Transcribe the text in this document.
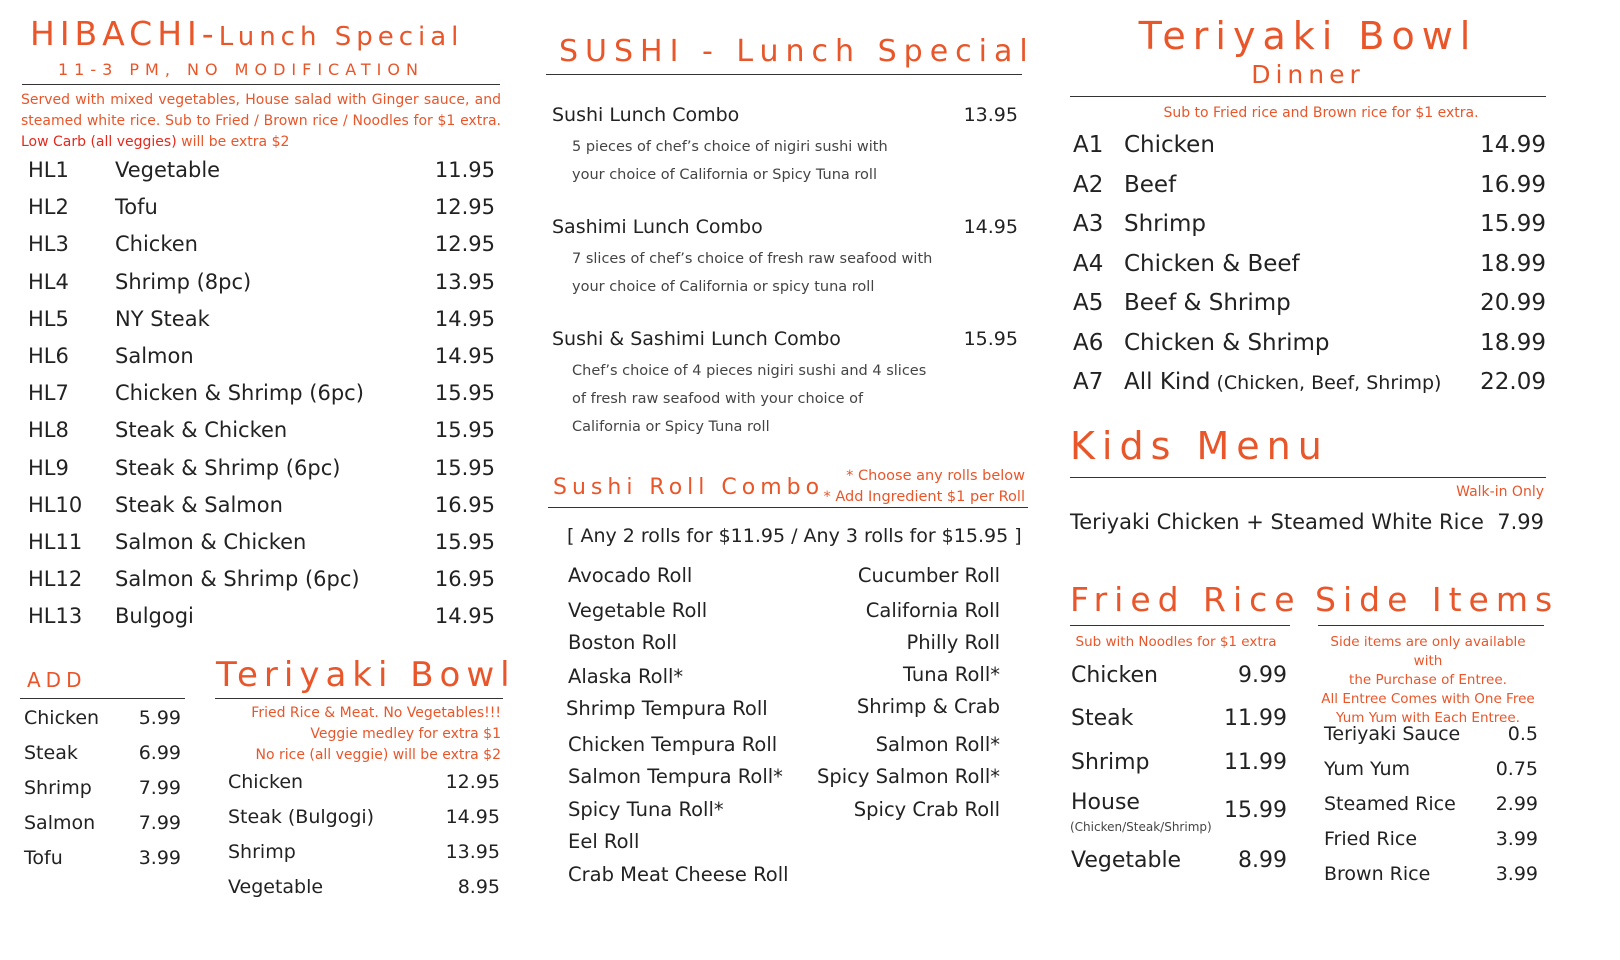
HIBACHI-Lunch Special
11-3 PM, NO MODIFICATION
Served with mixed vegetables, House salad with Ginger sauce, and steamed white rice. Sub to Fried / Brown rice / Noodles for $1 extra. Low Carb (all veggies) will be extra $2
HL1	Vegetable	11.95
HL2	Tofu	12.95
HL3	Chicken	12.95
HL4	Shrimp (8pc)	13.95
HL5	NY Steak	14.95
HL6	Salmon	14.95
HL7	Chicken & Shrimp (6pc)	15.95
HL8	Steak & Chicken	15.95
HL9	Steak & Shrimp (6pc)	15.95
HL10	Steak & Salmon	16.95
HL11	Salmon & Chicken	15.95
HL12	Salmon & Shrimp (6pc)	16.95
HL13	Bulgogi	14.95
ADD
Chicken 5.99
Steak	6.99
Shrimp 7.99
Salmon 7.99
Tofu	3.99
Teriyaki Bowl
Fried Rice & Meat. No Vegetables!!!
Veggie medley for extra $1
No rice (all veggie) will be extra $2
Chicken	12.95
Steak (Bulgogi)	14.95
Shrimp	13.95
Vegetable	8.95
SUSHI - Lunch Special
Sushi Lunch Combo	13.95
5 pieces of chef’s choice of nigiri sushi with
your choice of California or Spicy Tuna roll
Sashimi Lunch Combo	14.95
7 slices of chef’s choice of fresh raw seafood with
your choice of California or spicy tuna roll
Sushi & Sashimi Lunch Combo	15.95
Chef’s choice of 4 pieces nigiri sushi and 4 slices
of fresh raw seafood with your choice of
California or Spicy Tuna roll
Sushi Roll Combo	* Choose any rolls below
* Add Ingredient $1 per Roll
[ Any 2 rolls for $11.95 / Any 3 rolls for $15.95 ]
Avocado Roll
Vegetable Roll
Boston Roll
Alaska Roll*
Shrimp Tempura Roll
Chicken Tempura Roll
Salmon Tempura Roll*
Spicy Tuna Roll*
Eel Roll
Crab Meat Cheese Roll
Cucumber Roll
California Roll
Philly Roll
Tuna Roll*
Shrimp & Crab
Salmon Roll*
Spicy Salmon Roll*
Spicy Crab Roll
Teriyaki Bowl
Dinner
Sub to Fried rice and Brown rice for $1 extra.
A1 Chicken	14.99
A2 Beef	16.99
A3 Shrimp	15.99
A4 Chicken & Beef	18.99
A5 Beef & Shrimp	20.99
A6 Chicken & Shrimp	18.99
A7 All Kind (Chicken, Beef, Shrimp) 22.09
Kids Menu
Walk-in Only
Teriyaki Chicken + Steamed White Rice 7.99
Fried Rice
Sub with Noodles for $1 extra
Chicken	9.99
Steak	11.99
Shrimp	11.99
House	15.99
(Chicken/Steak/Shrimp)
Vegetable	8.99
Side Items
Side items are only available with
the Purchase of Entree.
All Entree Comes with One Free
Yum Yum with Each Entree.
Teriyaki Sauce	0.5
Yum Yum	0.75
Steamed Rice 2.99
Fried Rice	3.99
Brown Rice	3.99
